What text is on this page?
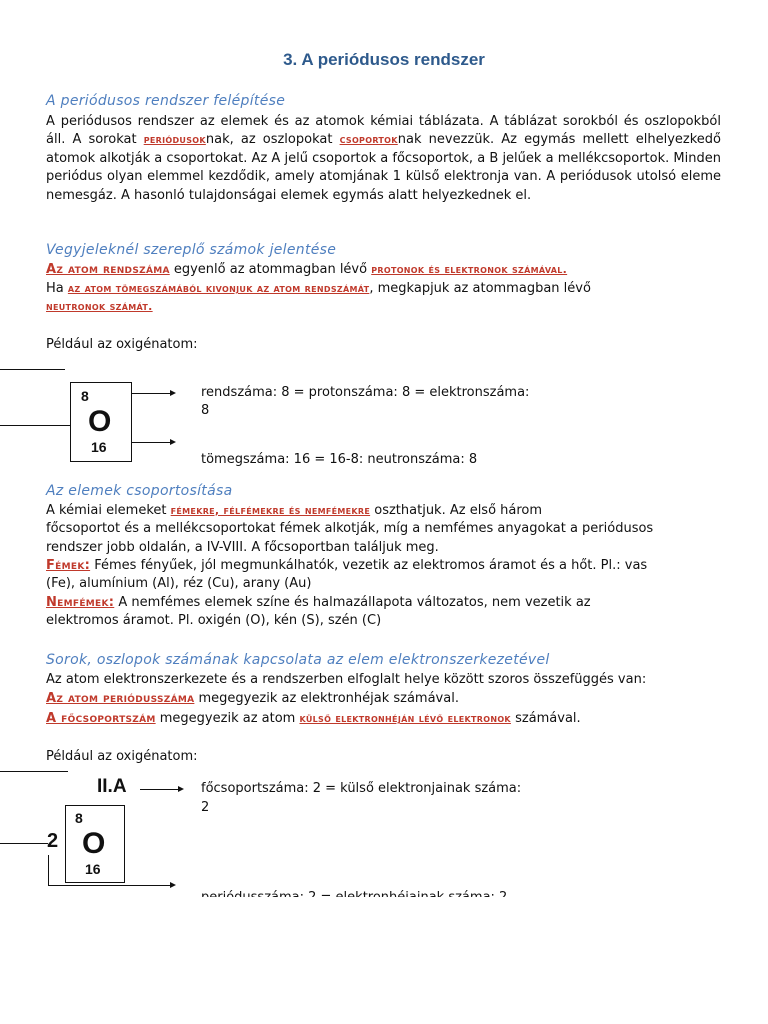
3. A periódusos rendszer
A periódusos rendszer felépítése
A periódusos rendszer az elemek és az atomok kémiai táblázata. A táblázat sorokból és oszlopokból áll. A sorokat periódusoknak, az oszlopokat csoportoknak nevezzük. Az egymás mellett elhelyezkedő atomok alkotják a csoportokat. Az A jelű csoportok a főcsoportok, a B jelűek a mellékcsoportok. Minden periódus olyan elemmel kezdődik, amely atomjának 1 külső elektronja van. A periódusok utolsó eleme nemesgáz. A hasonló tulajdonságai elemek egymás alatt helyezkednek el.
Vegyjeleknél szereplő számok jelentése
Az atom rendszáma egyenlő az atommagban lévő protonok és elektronok számával.
Ha az atom tömegszámából kivonjuk az atom rendszámát, megkapjuk az atommagban lévő
neutronok számát.
Például az oxigénatom:
8
O
16
rendszáma: 8 = protonszáma: 8 = elektronszáma:
8
tömegszáma: 16 = 16-8: neutronszáma: 8
Az elemek csoportosítása
A kémiai elemeket fémekre, félfémekre és nemfémekre oszthatjuk. Az első három
főcsoportot és a mellékcsoportokat fémek alkotják, míg a nemfémes anyagokat a periódusos
rendszer jobb oldalán, a IV-VIII. A főcsoportban találjuk meg.
Fémek: Fémes fényűek, jól megmunkálhatók, vezetik az elektromos áramot és a hőt. Pl.: vas
(Fe), alumínium (Al), réz (Cu), arany (Au)
Nemfémek: A nemfémes elemek színe és halmazállapota változatos, nem vezetik az
elektromos áramot. Pl. oxigén (O), kén (S), szén (C)
Sorok, oszlopok számának kapcsolata az elem elektronszerkezetével
Az atom elektronszerkezete és a rendszerben elfoglalt helye között szoros összefüggés van:
Az atom periódusszáma megegyezik az elektronhéjak számával.
A főcsoportszám megegyezik az atom külső elektronhéján lévő elektronok számával.
Például az oxigénatom:
II.A
2
8
O
16
főcsoportszáma: 2 = külső elektronjainak száma:
2
